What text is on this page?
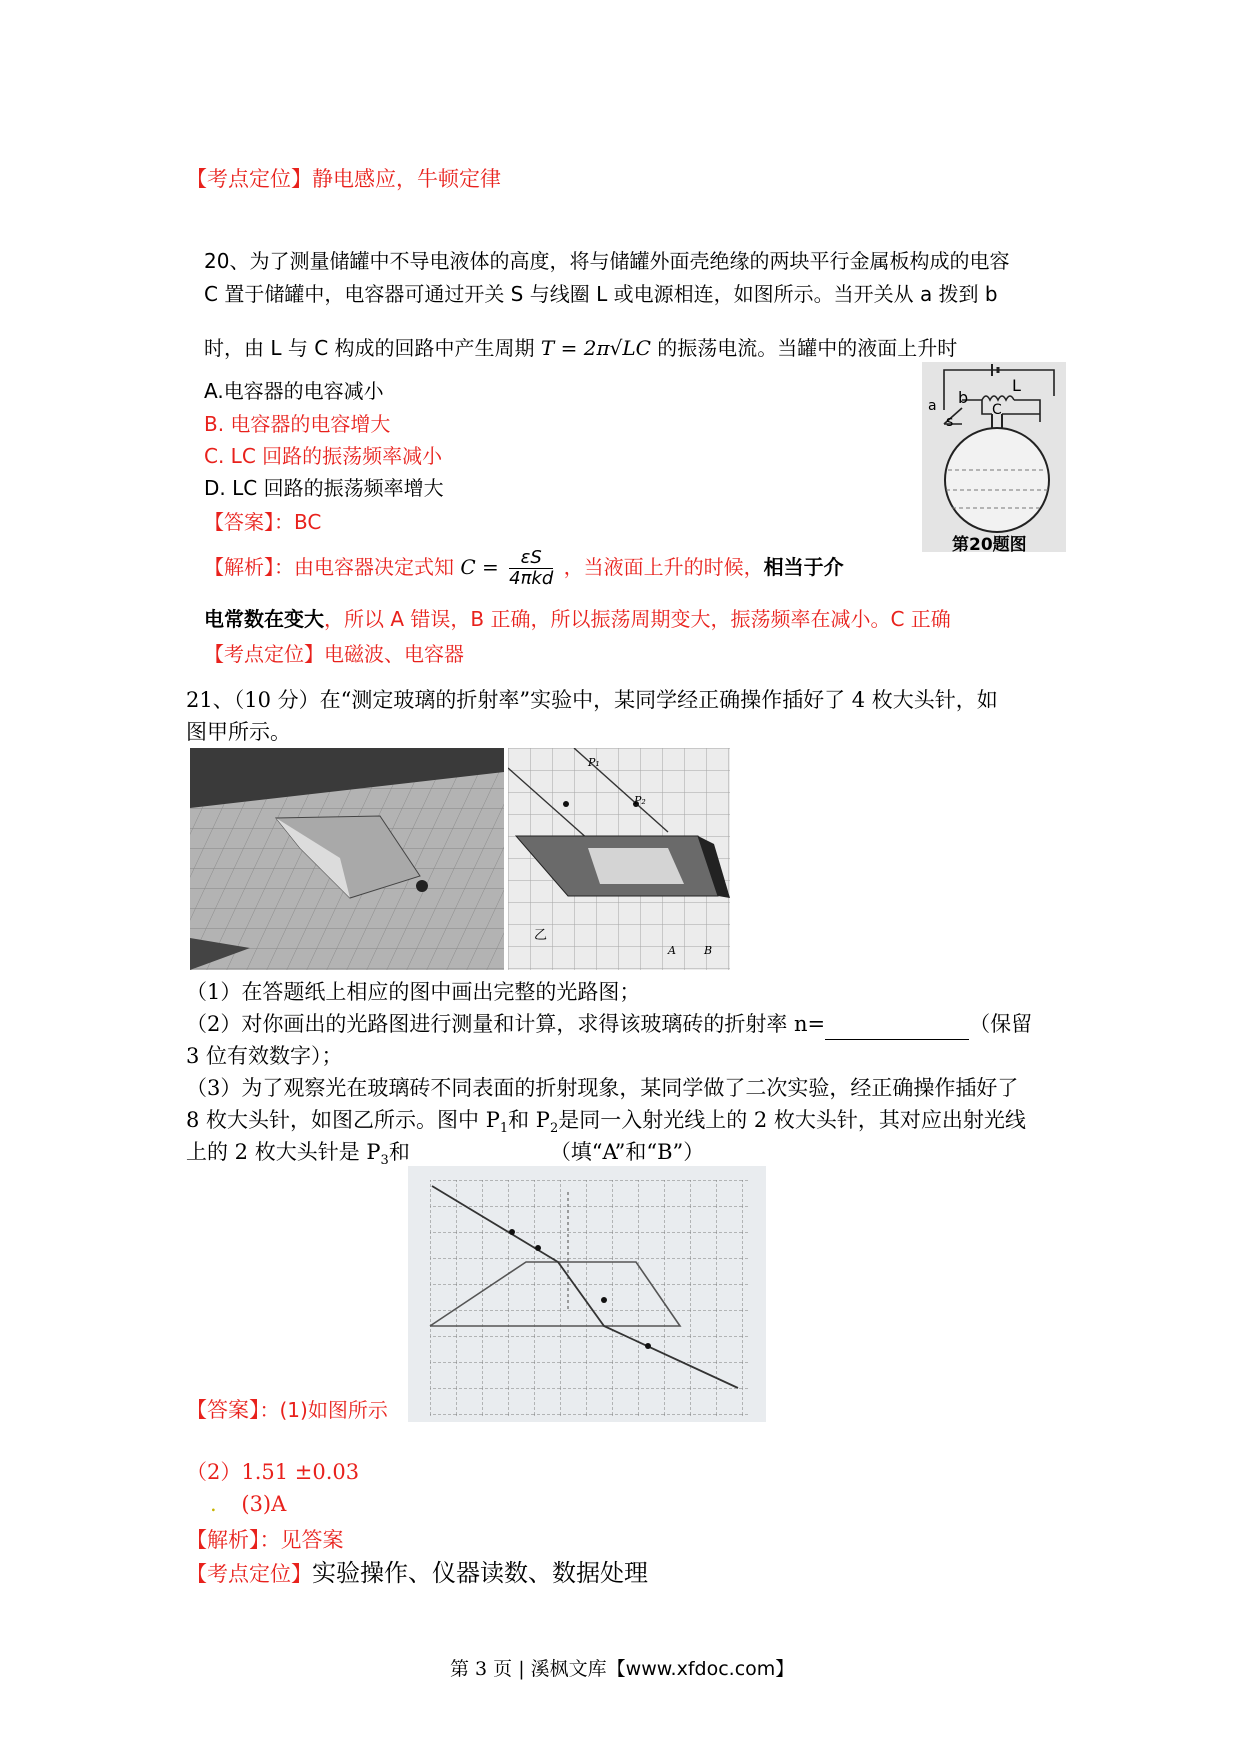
【考点定位】静电感应，牛顿定律
20、为了测量储罐中不导电液体的高度，将与储罐外面壳绝缘的两块平行金属板构成的电容
C 置于储罐中，电容器可通过开关 S 与线圈 L 或电源相连，如图所示。当开关从 a 拨到 b
时，由 L 与 C 构成的回路中产生周期 T = 2π√LC 的振荡电流。当罐中的液面上升时
A.电容器的电容减小
B. 电容器的电容增大
C. LC 回路的振荡频率减小
D. LC 回路的振荡频率增大
【答案】：BC
【解析】：由电容器决定式知 $C = \frac{\varepsilon S}{\text{4πkd}}$ ，当液面上升的时候，相当于介
电常数在变大，所以 A 错误，B 正确，所以振荡周期变大，振荡频率在减小。C 正确
【考点定位】电磁波、电容器
a b
s
L
C
第20题图
21、（10 分）在“测定玻璃的折射率”实验中，某同学经正确操作插好了 4 枚大头针，如
图甲所示。
P₁
P₂
乙
A	B
（1）在答题纸上相应的图中画出完整的光路图；
（2）对你画出的光路图进行测量和计算，求得该玻璃砖的折射率 n=	（保留
3 位有效数字）；
（3）为了观察光在玻璃砖不同表面的折射现象，某同学做了二次实验，经正确操作插好了
8 枚大头针，如图乙所示。图中 $P_1$和 $P_2$是同一入射光线上的 2 枚大头针，其对应出射光线
上的 2 枚大头针是 $P_3$和	（填“A”和“B”）
【答案】：(1)如图所示
（2）1.51 ±0.03
. (3)A
【解析】：见答案
【考点定位】实验操作、仪器读数、数据处理
第 3 页 | 溪枫文库【www.xfdoc.com】
